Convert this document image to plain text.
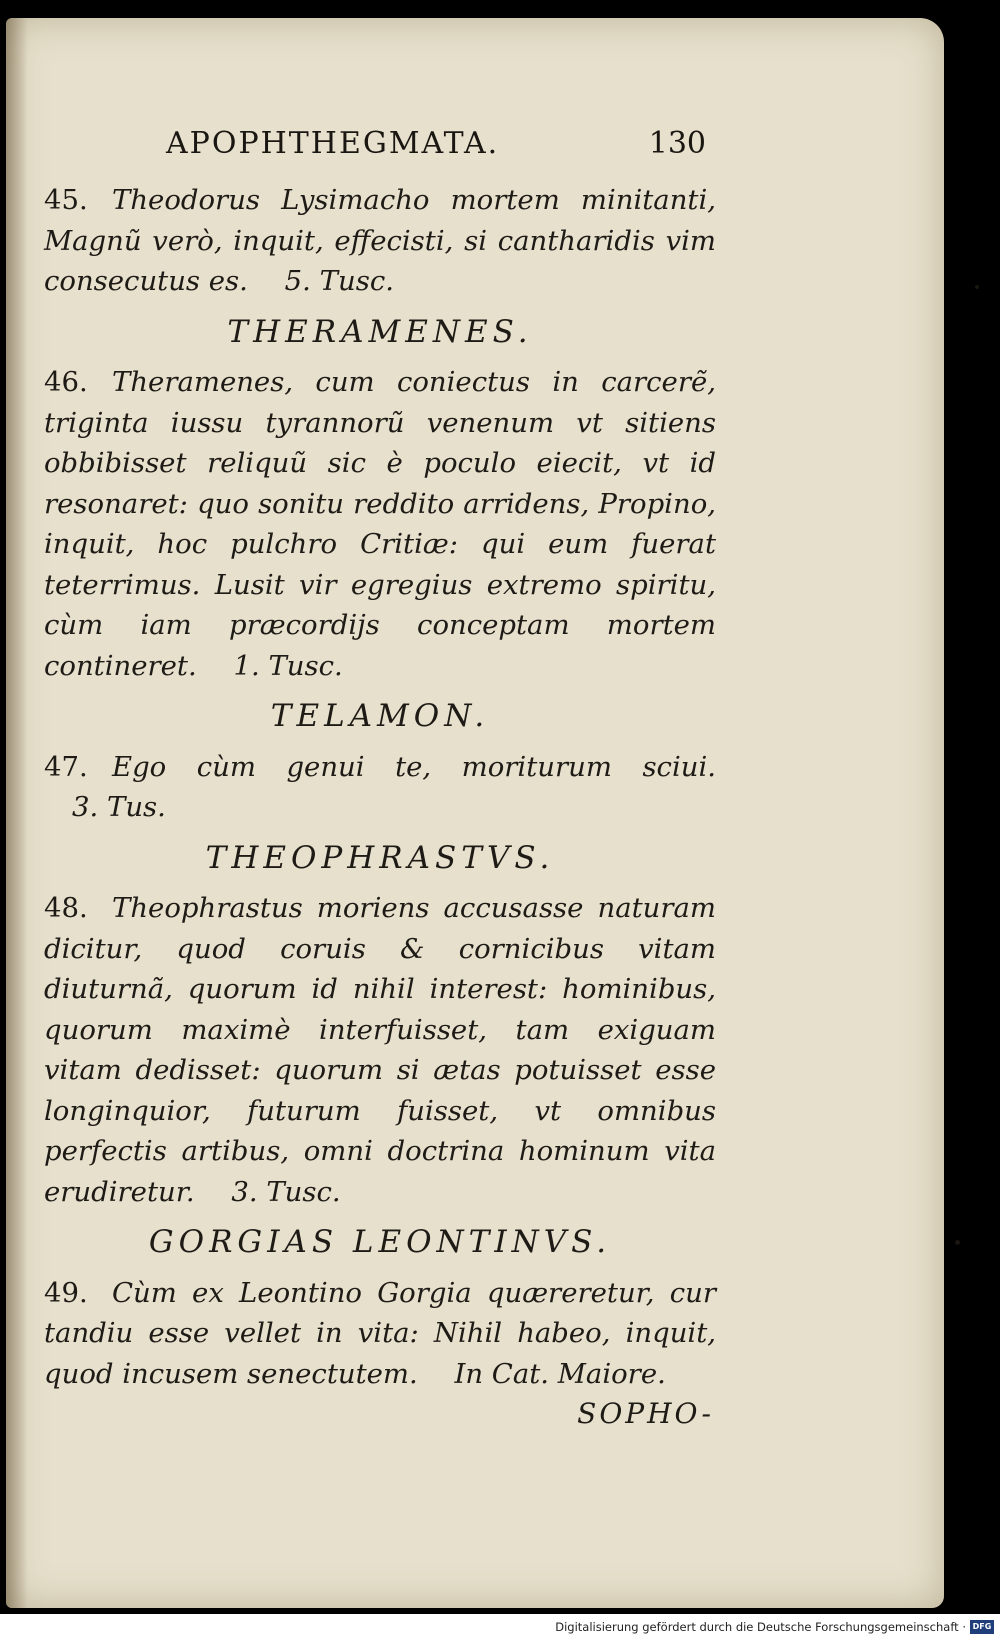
APOPHTHEGMATA.	130

45. Theodorus Lysimacho mortem minitanti, Magnũ verò, inquit, effecisti, si cantharidis vim consecutus es. 5. Tusc.

THERAMENES.

46. Theramenes, cum coniectus in carcerẽ, triginta iussu tyrannorũ venenum vt sitiens obbibisset reliquũ sic è poculo eiecit, vt id resonaret: quo sonitu reddito arridens, Propino, inquit, hoc pulchro Critiæ: qui eum fuerat teterrimus. Lusit vir egregius extremo spiritu, cùm iam præcordijs conceptam mortem contineret. 1. Tusc.

TELAMON.

47. Ego cùm genui te, moriturum sciui. 3. Tus.

THEOPHRASTVS.

48. Theophrastus moriens accusasse naturam dicitur, quod coruis & cornicibus vitam diuturnã, quorum id nihil interest: hominibus, quorum maximè interfuisset, tam exiguam vitam dedisset: quorum si ætas potuisset esse longinquior, futurum fuisset, vt omnibus perfectis artibus, omni doctrina hominum vita erudiretur. 3. Tusc.

GORGIAS LEONTINVS.

49. Cùm ex Leontino Gorgia quæreretur, cur tandiu esse vellet in vita: Nihil habeo, inquit, quod incusem senectutem. In Cat. Maiore.

SOPHO-
Digitalisierung gefördert durch die Deutsche Forschungsgemeinschaft · DFG
